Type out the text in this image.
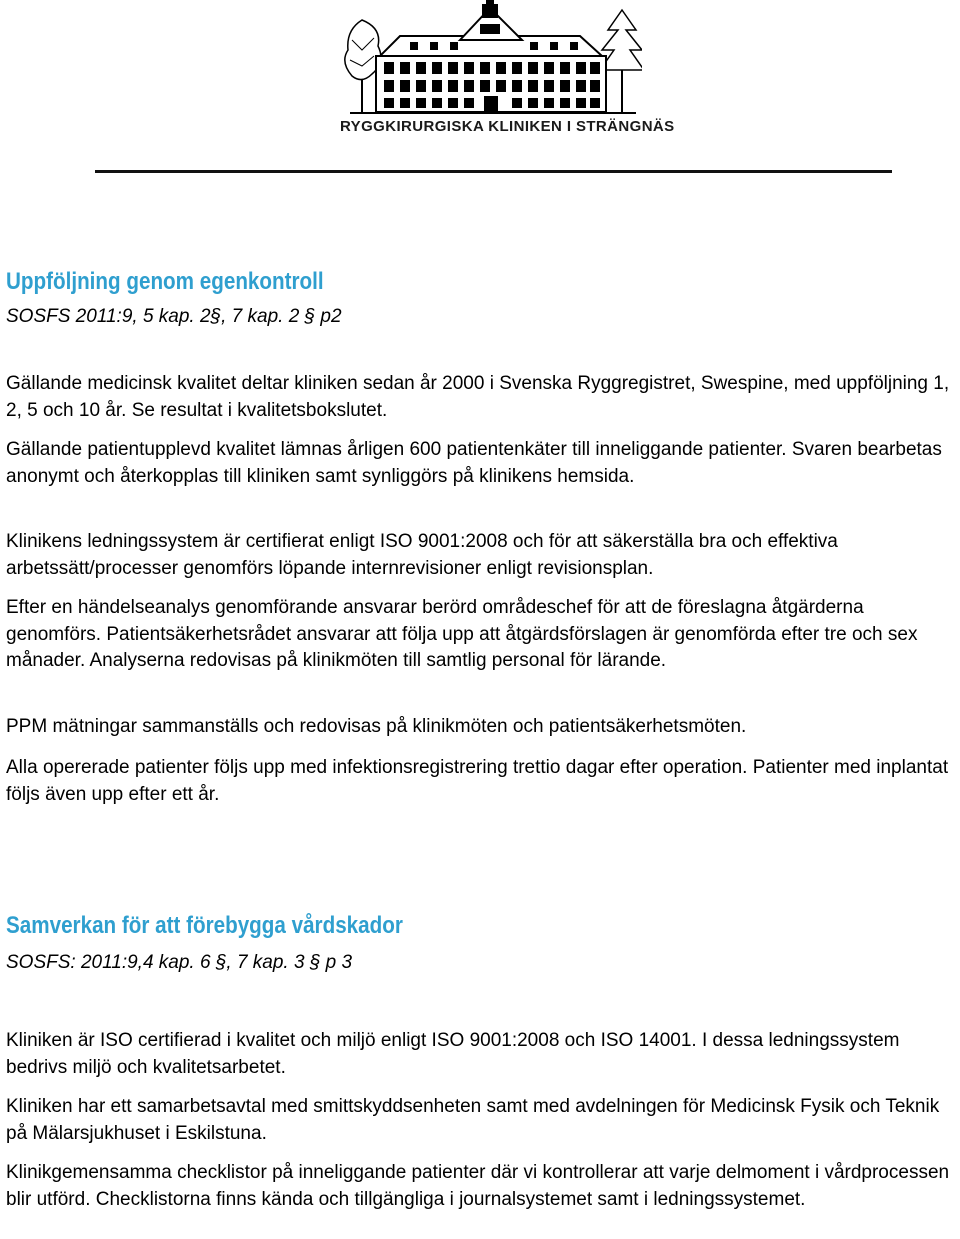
RYGGKIRURGISKA KLINIKEN I STRÄNGNÄS
Uppföljning genom egenkontroll

SOSFS 2011:9, 5 kap. 2§, 7 kap. 2 § p2

Gällande medicinsk kvalitet deltar kliniken sedan år 2000 i Svenska Ryggregistret, Swespine, med uppföljning 1, 2, 5 och 10 år. Se resultat i kvalitetsbokslutet.

Gällande patientupplevd kvalitet lämnas årligen 600 patientenkäter till inneliggande patienter. Svaren bearbetas anonymt och återkopplas till kliniken samt synliggörs på klinikens hemsida.

Klinikens ledningssystem är certifierat enligt ISO 9001:2008 och för att säkerställa bra och effektiva arbetssätt/processer genomförs löpande internrevisioner enligt revisionsplan.

Efter en händelseanalys genomförande ansvarar berörd områdeschef för att de föreslagna åtgärderna genomförs. Patientsäkerhetsrådet ansvarar att följa upp att åtgärdsförslagen är genomförda efter tre och sex månader. Analyserna redovisas på klinikmöten till samtlig personal för lärande.

PPM mätningar sammanställs och redovisas på klinikmöten och patientsäkerhetsmöten.

Alla opererade patienter följs upp med infektionsregistrering trettio dagar efter operation. Patienter med inplantat följs även upp efter ett år.

Samverkan för att förebygga vårdskador

SOSFS: 2011:9,4 kap. 6 §, 7 kap. 3 § p 3

Kliniken är ISO certifierad i kvalitet och miljö enligt ISO 9001:2008 och ISO 14001. I dessa ledningssystem bedrivs miljö och kvalitetsarbetet.

Kliniken har ett samarbetsavtal med smittskyddsenheten samt med avdelningen för Medicinsk Fysik och Teknik på Mälarsjukhuset i Eskilstuna.

Klinikgemensamma checklistor på inneliggande patienter där vi kontrollerar att varje delmoment i vårdprocessen blir utförd. Checklistorna finns kända och tillgängliga i journalsystemet samt i ledningssystemet.
